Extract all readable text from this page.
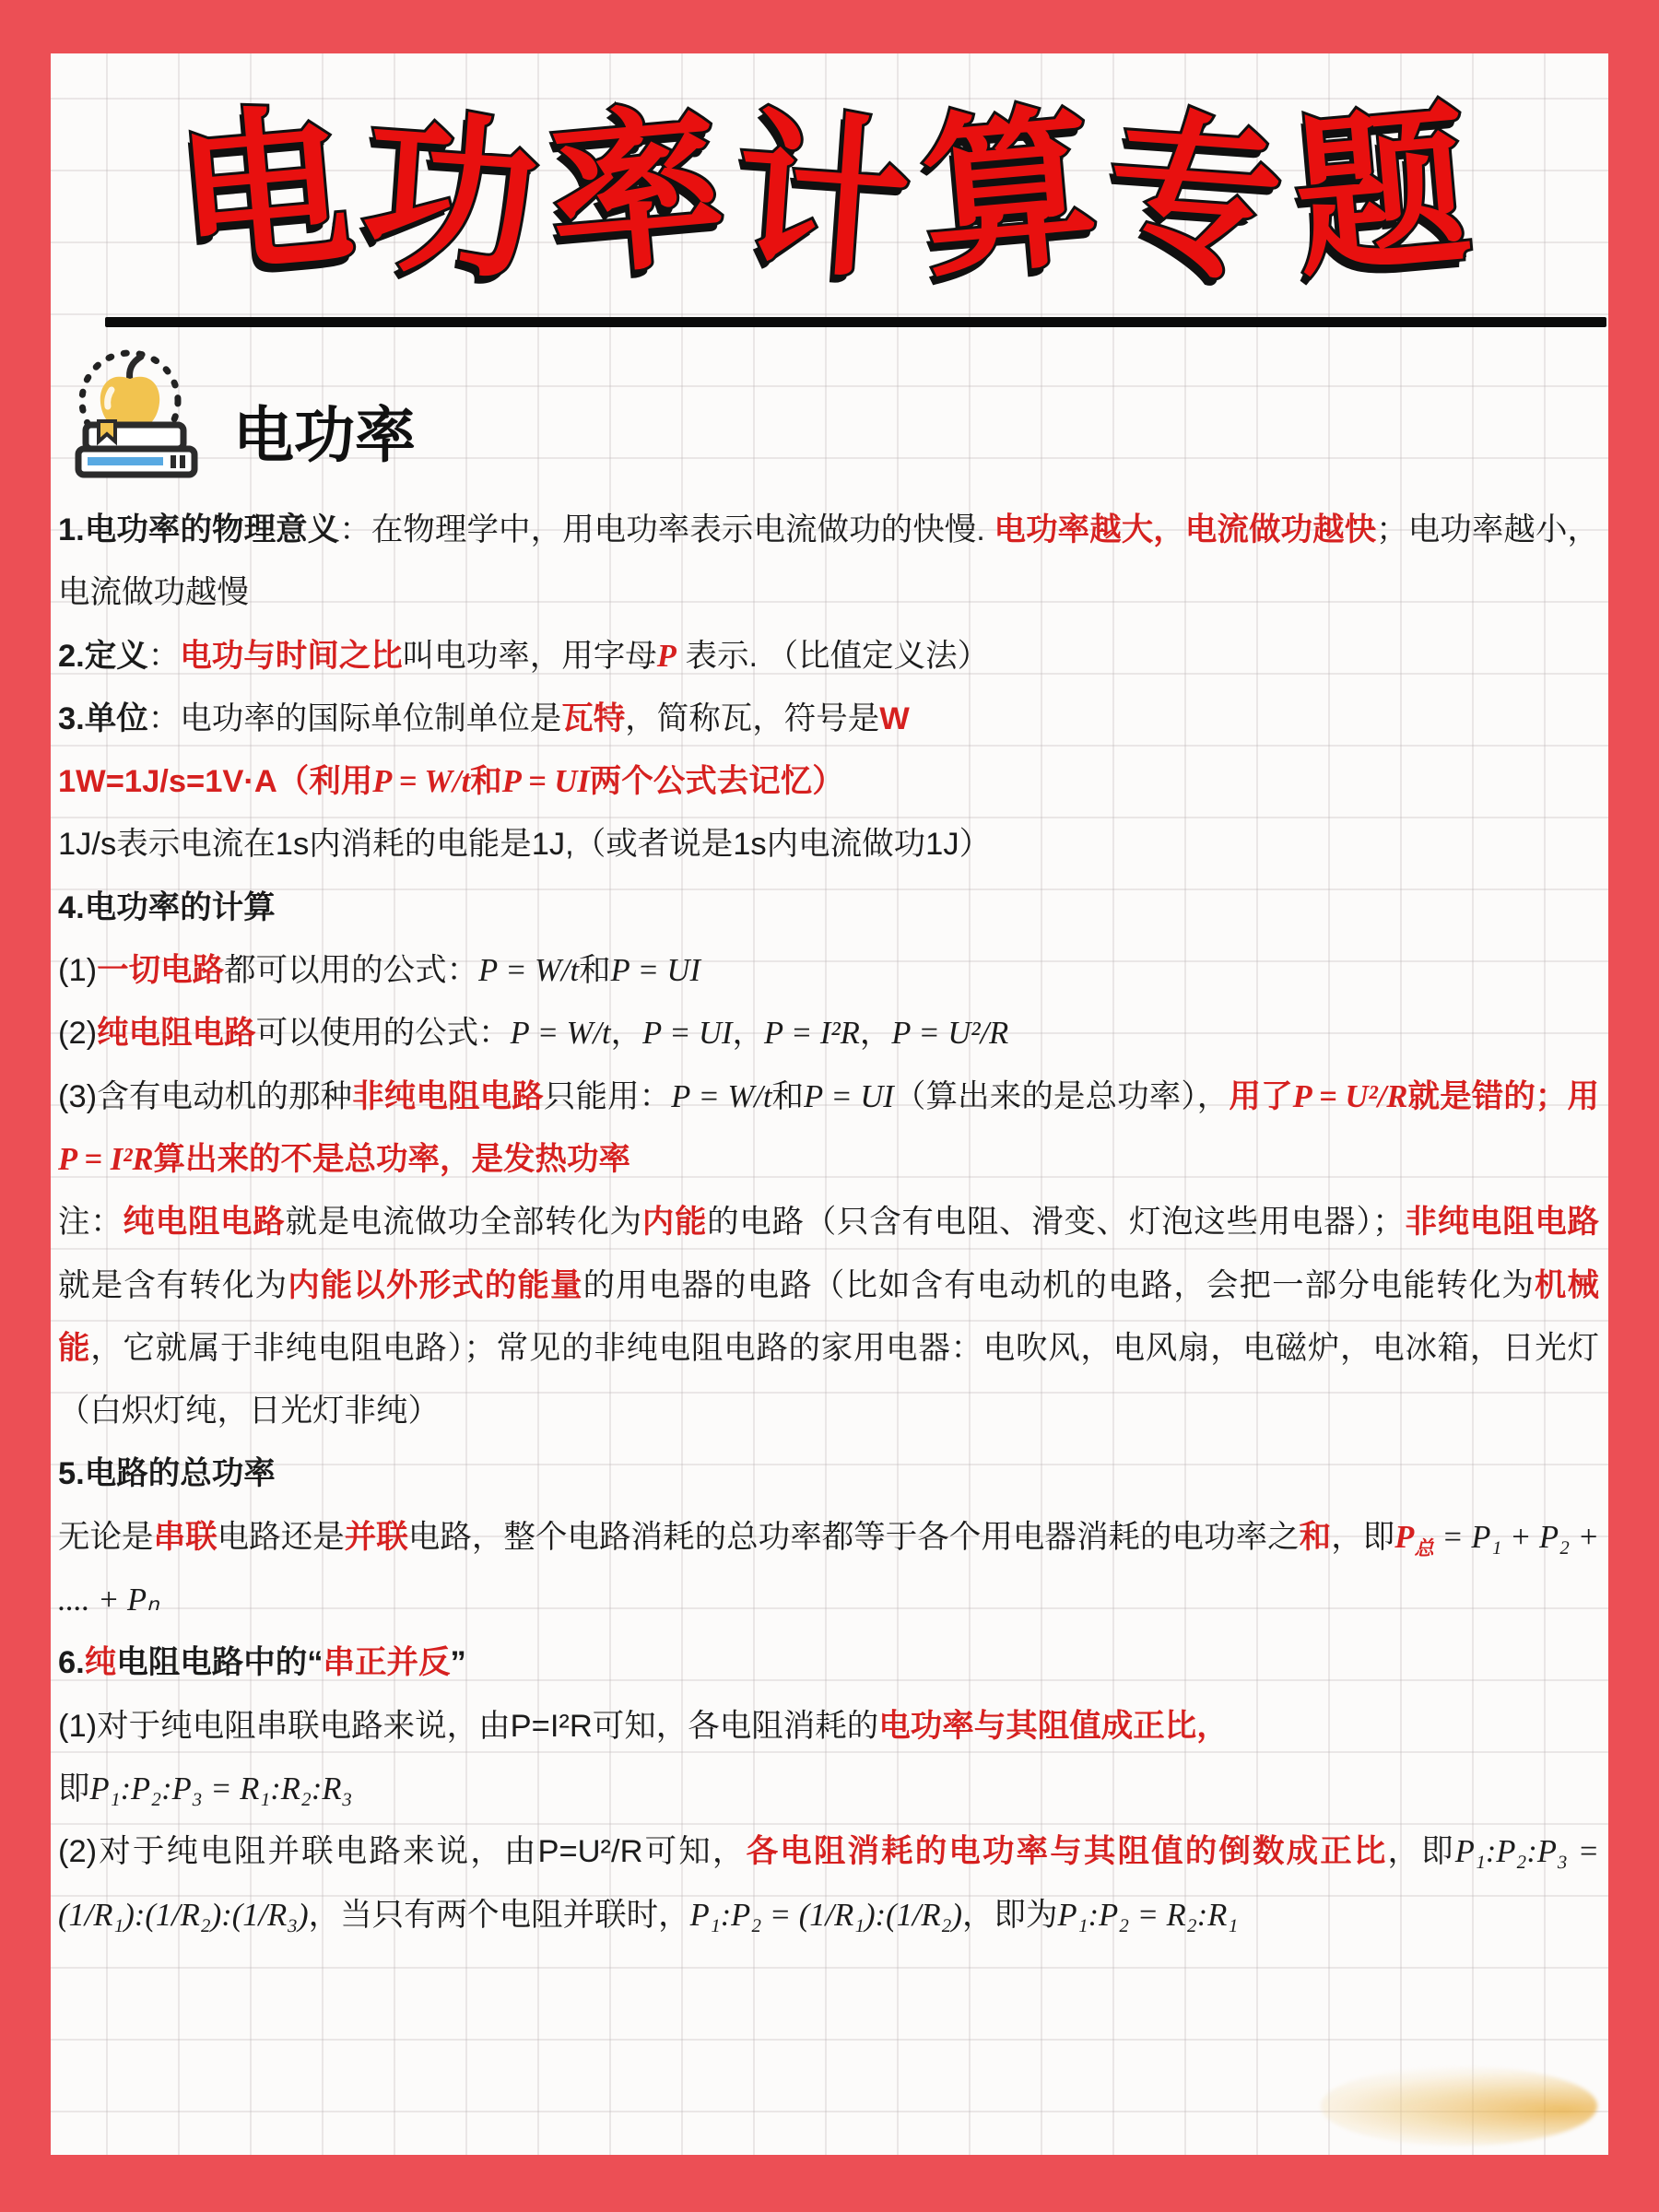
电功率计算专题
电功率

1.电功率的物理意义：在物理学中，用电功率表示电流做功的快慢. 电功率越大，电流做功越快；电功率越小，电流做功越慢

2.定义：电功与时间之比叫电功率，用字母P 表示. （比值定义法）

3.单位：电功率的国际单位制单位是瓦特，简称瓦，符号是W

1W=1J/s=1V·A（利用P = W/t和P = UI两个公式去记忆）

1J/s表示电流在1s内消耗的电能是1J,（或者说是1s内电流做功1J）

4.电功率的计算

(1)一切电路都可以用的公式：P = W/t和P = UI

(2)纯电阻电路可以使用的公式：P = W/t，P = UI，P = I²R，P = U²/R

(3)含有电动机的那种非纯电阻电路只能用：P = W/t和P = UI（算出来的是总功率），用了P = U²/R就是错的；用P = I²R算出来的不是总功率，是发热功率

注：纯电阻电路就是电流做功全部转化为内能的电路（只含有电阻、滑变、灯泡这些用电器）；非纯电阻电路就是含有转化为内能以外形式的能量的用电器的电路（比如含有电动机的电路，会把一部分电能转化为机械能，它就属于非纯电阻电路）；常见的非纯电阻电路的家用电器：电吹风，电风扇，电磁炉，电冰箱，日光灯（白炽灯纯，日光灯非纯）

5.电路的总功率

无论是串联电路还是并联电路，整个电路消耗的总功率都等于各个用电器消耗的电功率之和，即$P_总 = P_1 + P_2$ + .... + Pₙ

6.纯电阻电路中的“串正并反”

(1)对于纯电阻串联电路来说，由P=I²R可知，各电阻消耗的电功率与其阻值成正比，

即P₁:P₂:P₃ = R₁:R₂:R₃

(2)对于纯电阻并联电路来说，由P=U²/R可知，各电阻消耗的电功率与其阻值的倒数成正比，即P₁:P₂:P₃ = (1/R₁):(1/R₂):(1/R₃)，当只有两个电阻并联时，P₁:P₂ = (1/R₁):(1/R₂)，即为P₁:P₂ = R₂:R₁
